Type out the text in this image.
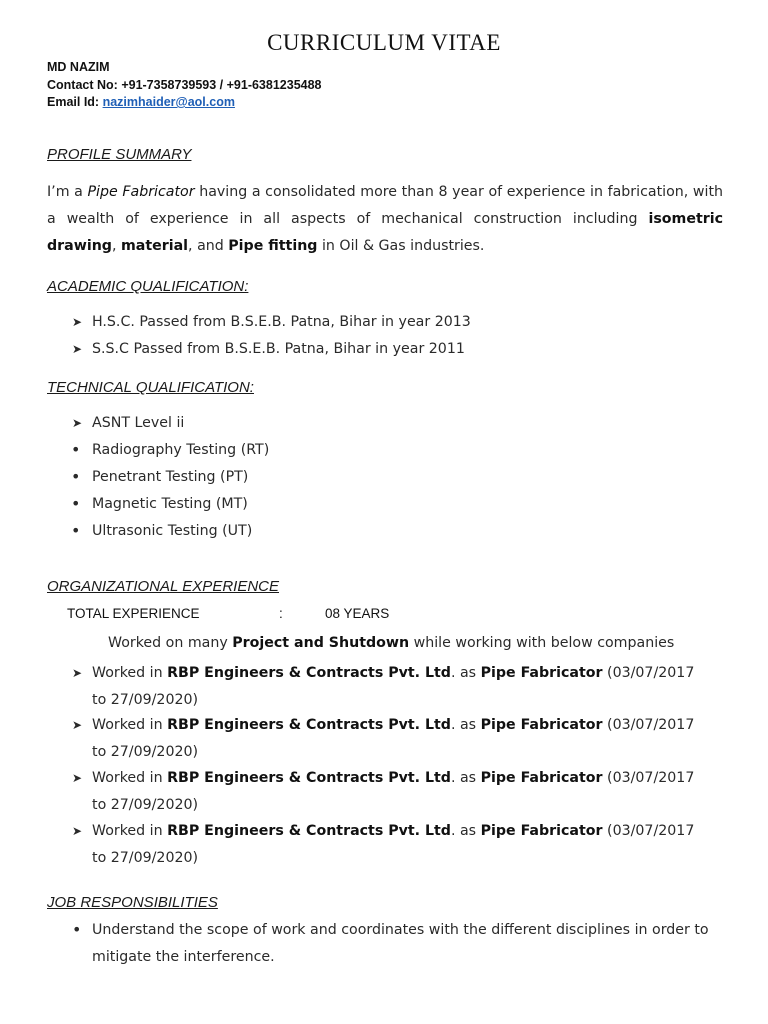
CURRICULUM VITAE
MD NAZIM
Contact No: +91-7358739593 / +91-6381235488
Email Id: nazimhaider@aol.com
PROFILE SUMMARY
I’m a Pipe Fabricator having a consolidated more than 8 year of experience in fabrication, with a wealth of experience in all aspects of mechanical construction including isometric drawing, material, and Pipe fitting in Oil & Gas industries.
ACADEMIC QUALIFICATION:
➤ H.S.C. Passed from B.S.E.B. Patna, Bihar in year 2013
➤ S.S.C Passed from B.S.E.B. Patna, Bihar in year 2011
TECHNICAL QUALIFICATION:
➤ ASNT Level ii
• Radiography Testing (RT)
• Penetrant Testing (PT)
• Magnetic Testing (MT)
• Ultrasonic Testing (UT)
ORGANIZATIONAL EXPERIENCE
TOTAL EXPERIENCE	:	08 YEARS
Worked on many Project and Shutdown while working with below companies
➤ Worked in RBP Engineers & Contracts Pvt. Ltd. as Pipe Fabricator (03/07/2017 to 27/09/2020)
➤ Worked in RBP Engineers & Contracts Pvt. Ltd. as Pipe Fabricator (03/07/2017 to 27/09/2020)
➤ Worked in RBP Engineers & Contracts Pvt. Ltd. as Pipe Fabricator (03/07/2017 to 27/09/2020)
➤ Worked in RBP Engineers & Contracts Pvt. Ltd. as Pipe Fabricator (03/07/2017 to 27/09/2020)
JOB RESPONSIBILITIES
• Understand the scope of work and coordinates with the different disciplines in order to mitigate the interference.
